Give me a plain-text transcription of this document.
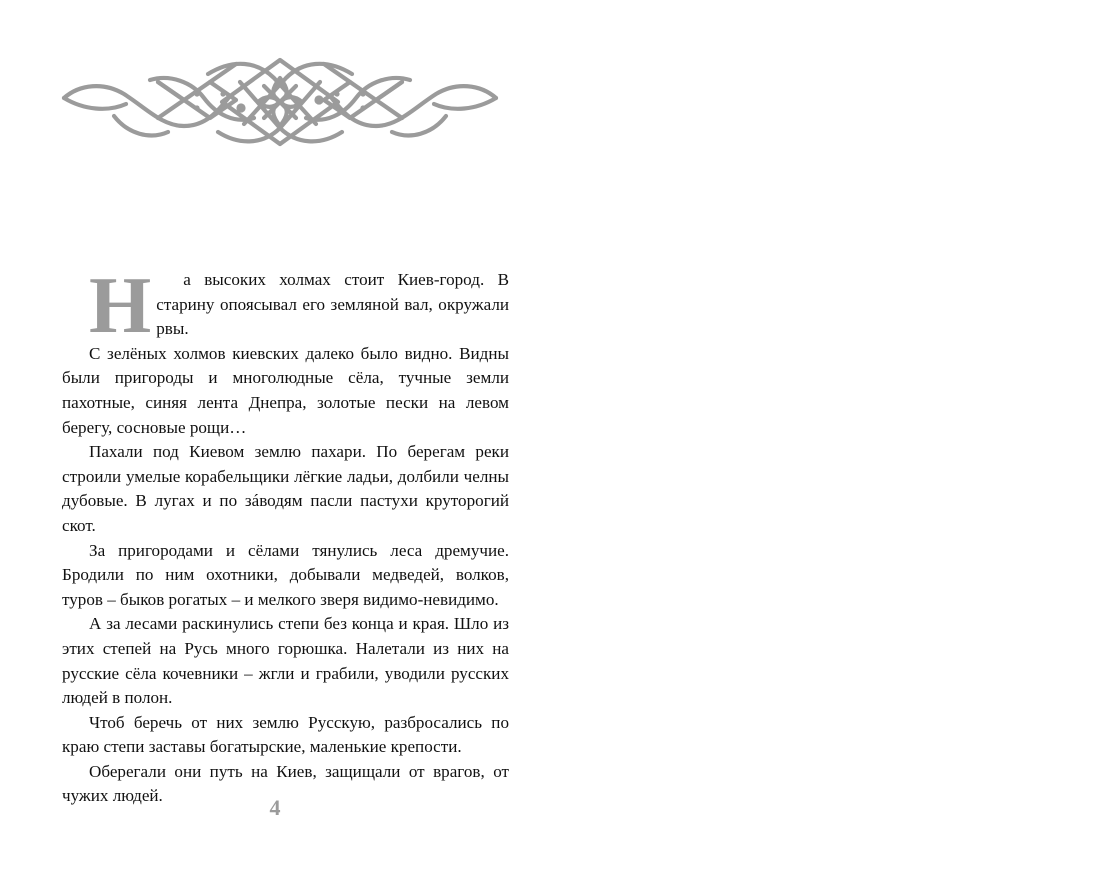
Н а высоких холмах стоит Киев-город. В старину опоясывал его земляной вал, окружали рвы.

С зелёных холмов киевских далеко было видно. Видны были пригороды и многолюдные сёла, тучные земли пахотные, синяя лента Днепра, золотые пески на левом берегу, сосновые рощи…

Пахали под Киевом землю пахари. По берегам реки строили умелые корабельщики лёгкие ладьи, долбили челны дубовые. В лугах и по зáводям пасли пастухи круторогий скот.

За пригородами и сёлами тянулись леса дремучие. Бродили по ним охотники, добывали медведей, волков, туров – быков рогатых – и мелкого зверя видимо-невидимо.

А за лесами раскинулись степи без конца и края. Шло из этих степей на Русь много горюшка. Налетали из них на русские сёла кочевники – жгли и грабили, уводили русских людей в полон.

Чтоб беречь от них землю Русскую, разбросались по краю степи заставы богатырские, маленькие крепости.

Оберегали они путь на Киев, защищали от врагов, от чужих людей.	4
